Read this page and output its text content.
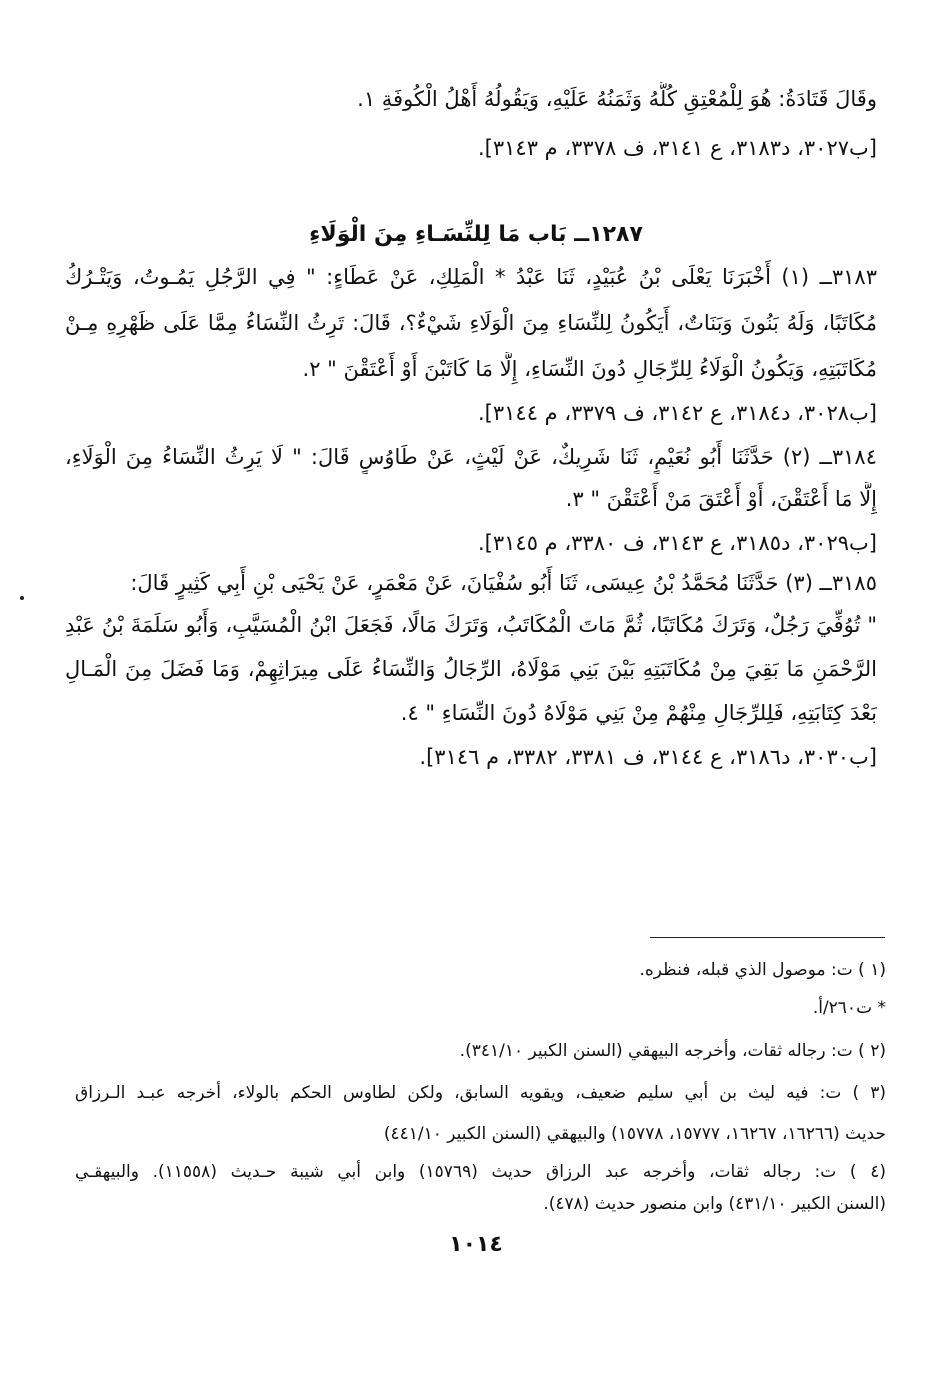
وقَالَ قَتَادَةُ: هُوَ لِلْمُعْتِقِ كُلُّهُ وَثَمَنُهُ عَلَيْهِ، وَيَقُولُهُ أَهْلُ الْكُوفَةِ ١.
[ب٣٠٢٧، د٣١٨٣، ع ٣١٤١، ف ٣٣٧٨، م ٣١٤٣].
١٢٨٧ــ بَاب مَا لِلنِّسَـاءِ مِنَ الْوَلَاءِ
٣١٨٣ــ (١) أَخْبَرَنَا يَعْلَى بْنُ عُبَيْدٍ، ثَنَا عَبْدُ * الْمَلِكِ، عَنْ عَطَاءٍ: " فِي الرَّجُلِ يَمُـوتُ، وَيَتْـرُكُ
مُكَاتَبًا، وَلَهُ بَنُونَ وَبَنَاتٌ، أَيَكُونُ لِلنِّسَاءِ مِنَ الْوَلَاءِ شَيْءٌ؟، قَالَ: تَرِثُ النِّسَاءُ مِمَّا عَلَى ظَهْرِهِ مِـنْ
مُكَاتَبَتِهِ، وَيَكُونُ الْوَلَاءُ لِلرِّجَالِ دُونَ النِّسَاءِ، إِلَّا مَا كَاتَبْنَ أَوْ أَعْتَقْنَ " ٢.
[ب٣٠٢٨، د٣١٨٤، ع ٣١٤٢، ف ٣٣٧٩، م ٣١٤٤].
٣١٨٤ــ (٢) حَدَّثَنَا أَبُو نُعَيْمٍ، ثَنَا شَرِيكٌ، عَنْ لَيْثٍ، عَنْ طَاوُسٍ قَالَ: " لَا يَرِثُ النِّسَاءُ مِنَ الْوَلَاءِ،
إِلَّا مَا أَعْتَقْنَ، أَوْ أَعْتَقَ مَنْ أَعْتَقْنَ " ٣.
[ب٣٠٢٩، د٣١٨٥، ع ٣١٤٣، ف ٣٣٨٠، م ٣١٤٥].
٣١٨٥ــ (٣) حَدَّثَنَا مُحَمَّدُ بْنُ عِيسَى، ثَنَا أَبُو سُفْيَانَ، عَنْ مَعْمَرٍ، عَنْ يَحْيَى بْنِ أَبِي كَثِيرٍ قَالَ:
" تُوُفِّيَ رَجُلٌ، وَتَرَكَ مُكَاتَبًا، ثُمَّ مَاتَ الْمُكَاتَبُ، وَتَرَكَ مَالًا، فَجَعَلَ ابْنُ الْمُسَيَّبِ، وَأَبُو سَلَمَةَ بْنُ عَبْدِ
الرَّحْمَنِ مَا بَقِيَ مِنْ مُكَاتَبَتِهِ بَيْنَ بَنِي مَوْلَاهُ، الرِّجَالُ وَالنِّسَاءُ عَلَى مِيرَاثِهِمْ، وَمَا فَضَلَ مِنَ الْمَـالِ
بَعْدَ كِتَابَتِهِ، فَلِلرِّجَالِ مِنْهُمْ مِنْ بَنِي مَوْلَاهُ دُونَ النِّسَاءِ " ٤.
[ب٣٠٣٠، د٣١٨٦، ع ٣١٤٤، ف ٣٣٨١، ٣٣٨٢، م ٣١٤٦].
(١ ) ت: موصول الذي قبله، فنظره.
* ت٢٦٠/أ.
(٢ ) ت: رجاله ثقات، وأخرجه البيهقي (السنن الكبير ٣٤١/١٠).
(٣ ) ت: فيه ليث بن أبي سليم ضعيف، ويقويه السابق، ولكن لطاوس الحكم بالولاء، أخرجه عبـد الـرزاق
حديث (١٦٢٦٦، ١٦٢٦٧، ١٥٧٧٧، ١٥٧٧٨) والبيهقي (السنن الكبير ٤٤١/١٠)
(٤ ) ت: رجاله ثقات، وأخرجه عبد الرزاق حديث (١٥٧٦٩) وابن أبي شيبة حـديث (١١٥٥٨). والبيهقـي
(السنن الكبير ٤٣١/١٠) وابن منصور حديث (٤٧٨).
١٠١٤
